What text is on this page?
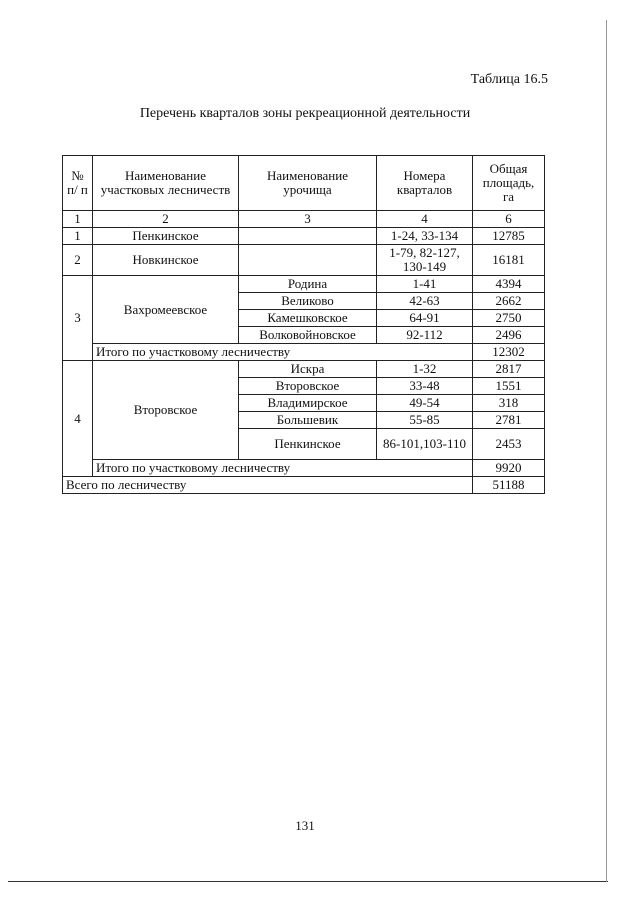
Таблица 16.5
Перечень кварталов зоны рекреационной деятельности
№ п/ п	Наименование участковых лесничеств	Наименование урочища	Номера кварталов	Общая площадь, га
1	2	3	4	6
1	Пенкинское		1-24, 33-134	12785
2	Новкинское		1-79, 82-127, 130-149	16181
3	Вахромеевское	Родина	1-41	4394
		Великово	42-63	2662
		Камешковское	64-91	2750
		Волковойновское	92-112	2496
	Итого по участковому лесничеству			12302
4	Второвское	Искра	1-32	2817
		Второвское	33-48	1551
		Владимирское	49-54	318
		Большевик	55-85	2781
		Пенкинское	86-101,103-110	2453
	Итого по участковому лесничеству			9920
Всего по лесничеству				51188
131
